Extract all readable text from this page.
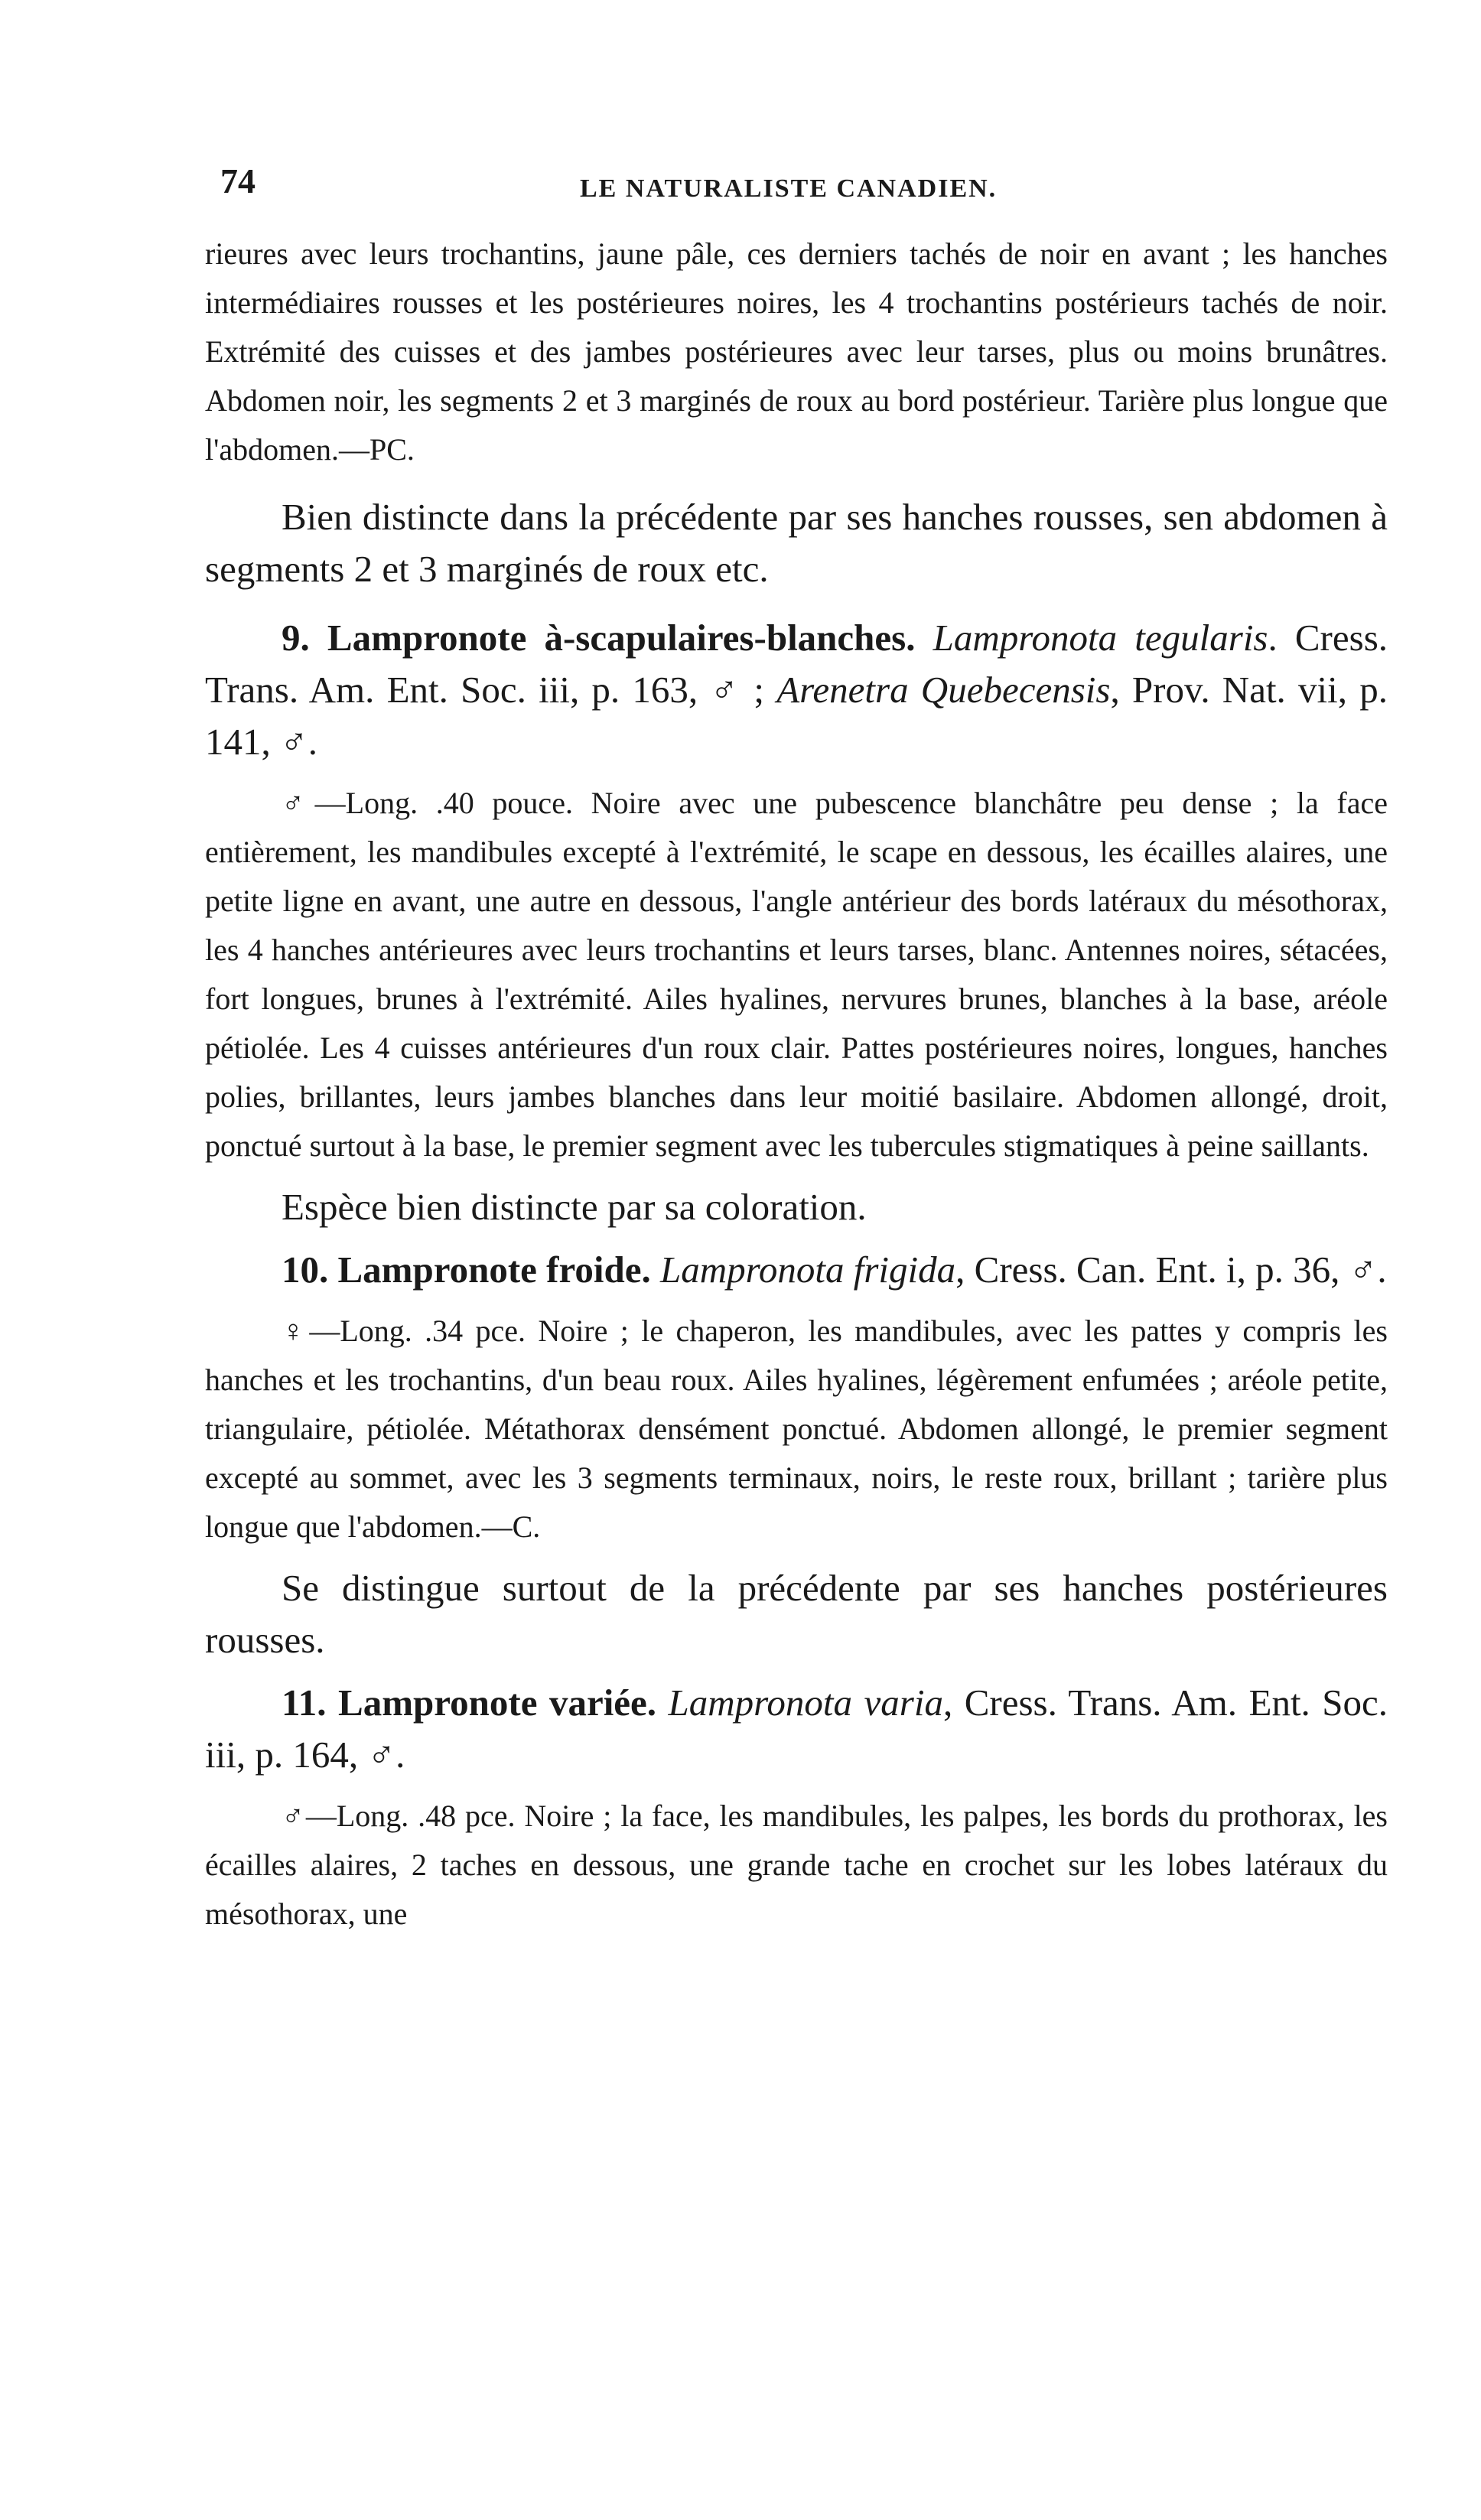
74	LE NATURALISTE CANADIEN.

rieures avec leurs trochantins, jaune pâle, ces derniers tachés de noir en avant ; les hanches intermédiaires rousses et les postérieures noires, les 4 trochantins postérieurs tachés de noir. Extrémité des cuisses et des jambes postérieures avec leur tarses, plus ou moins brunâtres. Abdomen noir, les segments 2 et 3 marginés de roux au bord postérieur. Tarière plus longue que l'abdomen.—PC.

Bien distincte dans la précédente par ses hanches rousses, sen abdomen à segments 2 et 3 marginés de roux etc.

9. Lampronote à-scapulaires-blanches. Lampronota tegularis. Cress. Trans. Am. Ent. Soc. iii, p. 163, ♂ ; Arenetra Quebecensis, Prov. Nat. vii, p. 141, ♂.

♂—Long. .40 pouce. Noire avec une pubescence blanchâtre peu dense ; la face entièrement, les mandibules excepté à l'extrémité, le scape en dessous, les écailles alaires, une petite ligne en avant, une autre en dessous, l'angle antérieur des bords latéraux du mésothorax, les 4 hanches antérieures avec leurs trochantins et leurs tarses, blanc. Antennes noires, sétacées, fort longues, brunes à l'extrémité. Ailes hyalines, nervures brunes, blanches à la base, aréole pétiolée. Les 4 cuisses antérieures d'un roux clair. Pattes postérieures noires, longues, hanches polies, brillantes, leurs jambes blanches dans leur moitié basilaire. Abdomen allongé, droit, ponctué surtout à la base, le premier segment avec les tubercules stigmatiques à peine saillants.

Espèce bien distincte par sa coloration.

10. Lampronote froide. Lampronota frigida, Cress. Can. Ent. i, p. 36, ♂.

♀—Long. .34 pce. Noire ; le chaperon, les mandibules, avec les pattes y compris les hanches et les trochantins, d'un beau roux. Ailes hyalines, légèrement enfumées ; aréole petite, triangulaire, pétiolée. Métathorax densément ponctué. Abdomen allongé, le premier segment excepté au sommet, avec les 3 segments terminaux, noirs, le reste roux, brillant ; tarière plus longue que l'abdomen.—C.

Se distingue surtout de la précédente par ses hanches postérieures rousses.

11. Lampronote variée. Lampronota varia, Cress. Trans. Am. Ent. Soc. iii, p. 164, ♂.

♂—Long. .48 pce. Noire ; la face, les mandibules, les palpes, les bords du prothorax, les écailles alaires, 2 taches en dessous, une grande tache en crochet sur les lobes latéraux du mésothorax, une
